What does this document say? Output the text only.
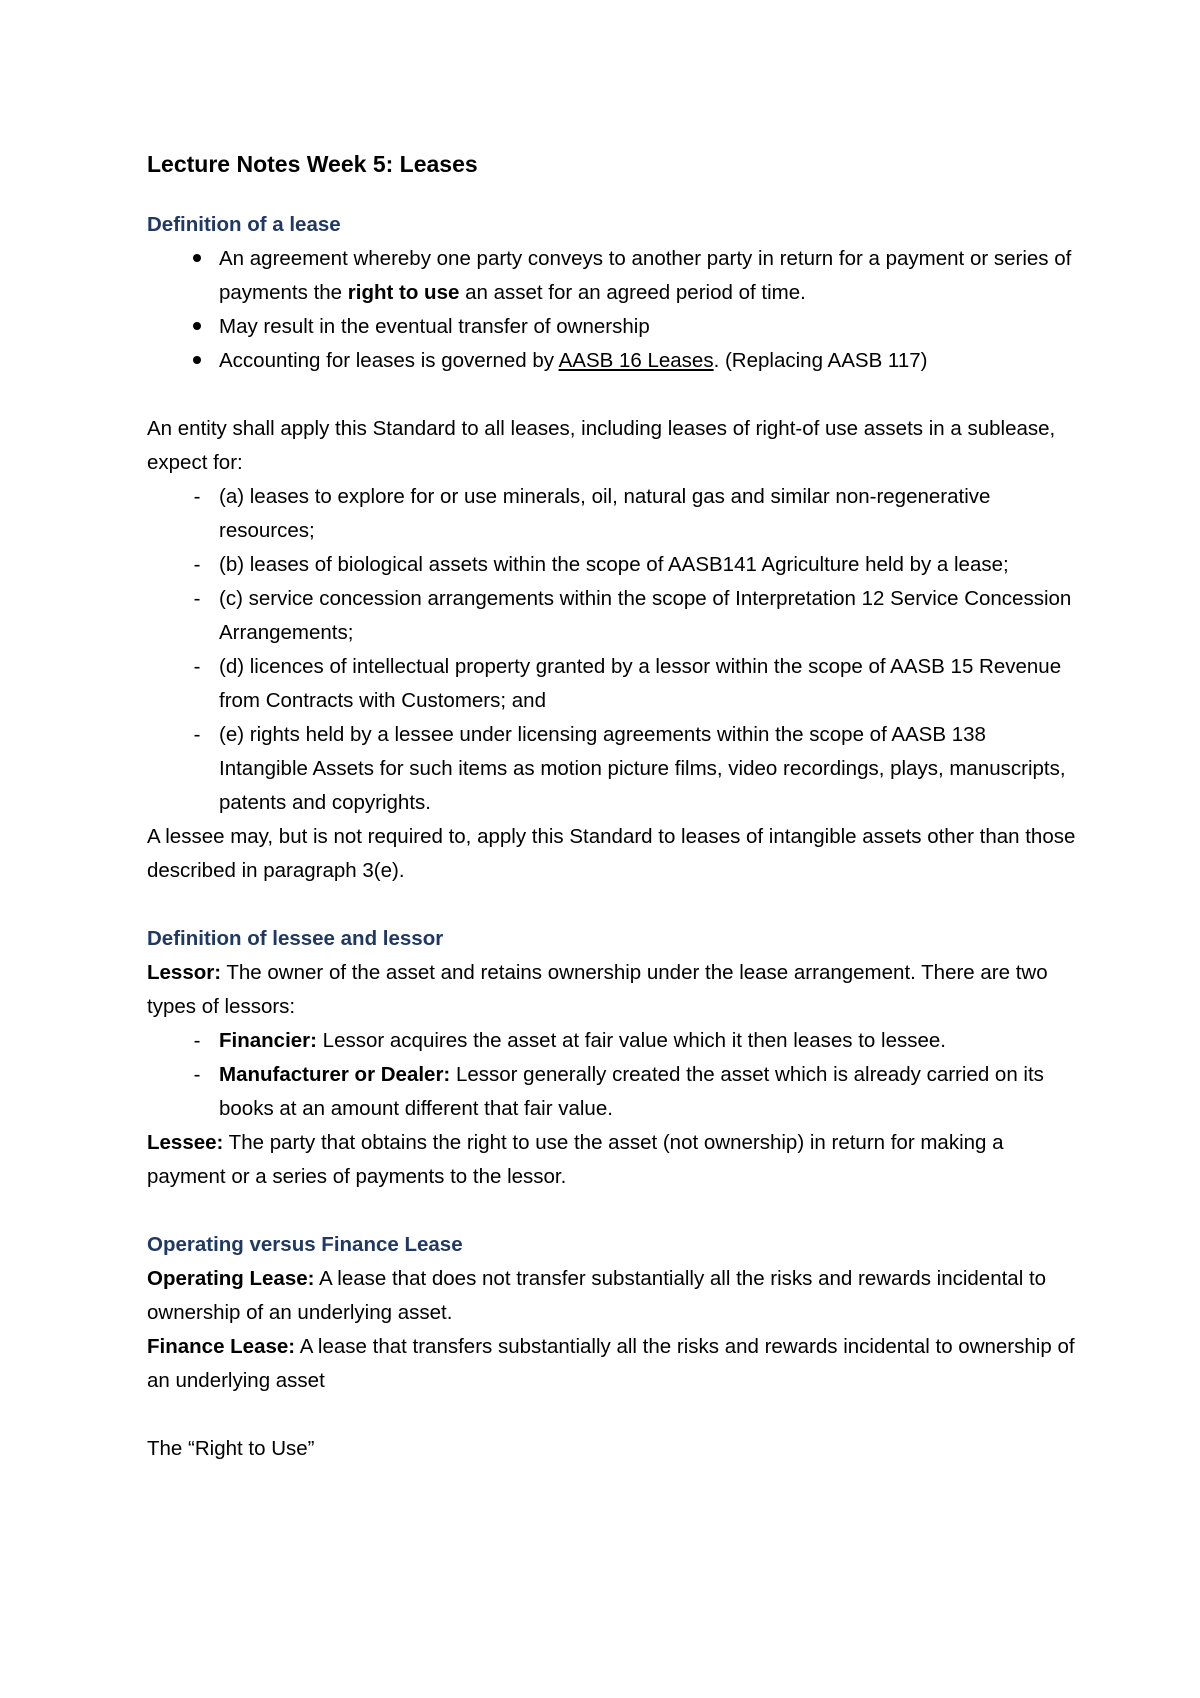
Lecture Notes Week 5: Leases
Definition of a lease
An agreement whereby one party conveys to another party in return for a payment or series of payments the right to use an asset for an agreed period of time.
May result in the eventual transfer of ownership
Accounting for leases is governed by AASB 16 Leases. (Replacing AASB 117)

An entity shall apply this Standard to all leases, including leases of right-of use assets in a sublease, expect for:

- (a) leases to explore for or use minerals, oil, natural gas and similar non-regenerative resources;
- (b) leases of biological assets within the scope of AASB141 Agriculture held by a lease;
- (c) service concession arrangements within the scope of Interpretation 12 Service Concession Arrangements;
- (d) licences of intellectual property granted by a lessor within the scope of AASB 15 Revenue from Contracts with Customers; and
- (e) rights held by a lessee under licensing agreements within the scope of AASB 138 Intangible Assets for such items as motion picture films, video recordings, plays, manuscripts, patents and copyrights.

A lessee may, but is not required to, apply this Standard to leases of intangible assets other than those described in paragraph 3(e).

Definition of lessee and lessor

Lessor: The owner of the asset and retains ownership under the lease arrangement. There are two types of lessors:

- Financier: Lessor acquires the asset at fair value which it then leases to lessee.
- Manufacturer or Dealer: Lessor generally created the asset which is already carried on its books at an amount different that fair value.

Lessee: The party that obtains the right to use the asset (not ownership) in return for making a payment or a series of payments to the lessor.

Operating versus Finance Lease

Operating Lease: A lease that does not transfer substantially all the risks and rewards incidental to ownership of an underlying asset.

Finance Lease: A lease that transfers substantially all the risks and rewards incidental to ownership of an underlying asset

The “Right to Use”
